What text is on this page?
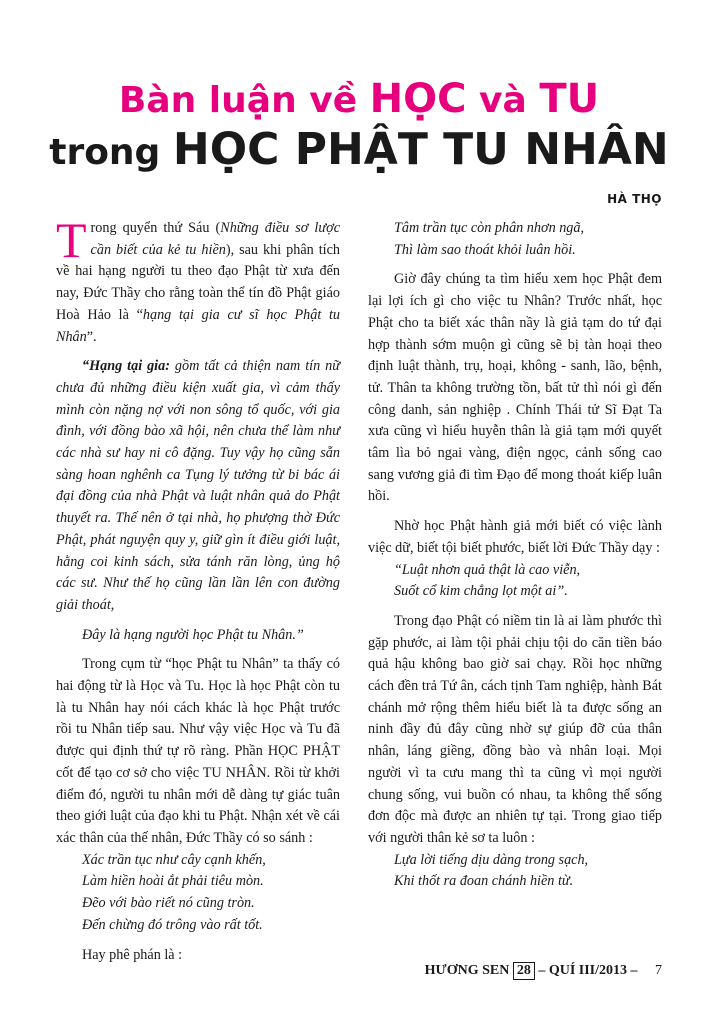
Bàn luận về HỌC và TU
trong HỌC PHẬT TU NHÂN
HÀ THỌ

Trong quyển thứ Sáu (Những điều sơ lược cần biết của kẻ tu hiền), sau khi phân tích về hai hạng người tu theo đạo Phật từ xưa đến nay, Đức Thầy cho rằng toàn thể tín đồ Phật giáo Hoà Hảo là “hạng tại gia cư sĩ học Phật tu Nhân”.

“Hạng tại gia: gồm tất cả thiện nam tín nữ chưa đủ những điều kiện xuất gia, vì cảm thấy mình còn nặng nợ với non sông tổ quốc, với gia đình, với đồng bào xã hội, nên chưa thể làm như các nhà sư hay ni cô đặng. Tuy vậy họ cũng sẵn sàng hoan nghênh ca Tụng lý tưởng từ bi bác ái đại đồng của nhà Phật và luật nhân quả do Phật thuyết ra. Thế nên ở tại nhà, họ phượng thờ Đức Phật, phát nguyện quy y, giữ gìn ít điều giới luật, hằng coi kinh sách, sửa tánh răn lòng, ủng hộ các sư. Như thế họ cũng lần lần lên con đường giải thoát,

Đây là hạng người học Phật tu Nhân.”

Trong cụm từ “học Phật tu Nhân” ta thấy có hai động từ là Học và Tu. Học là học Phật còn tu là tu Nhân hay nói cách khác là học Phật trước rồi tu Nhân tiếp sau. Như vậy việc Học và Tu đã được qui định thứ tự rõ ràng. Phần HỌC PHẬT cốt để tạo cơ sở cho việc TU NHÂN. Rồi từ khởi điểm đó, người tu nhân mới dễ dàng tự giác tuân theo giới luật của đạo khi tu Phật. Nhận xét về cái xác thân của thế nhân, Đức Thầy có so sánh :

Xác trần tục như cây cạnh khến,

Làm hiền hoài ắt phải tiêu mòn.

Đẽo với bào riết nó cũng tròn.

Đến chừng đó trông vào rất tốt.

Hay phê phán là :

Tâm trần tục còn phân nhơn ngã,

Thì làm sao thoát khỏi luân hồi.

Giờ đây chúng ta tìm hiểu xem học Phật đem lại lợi ích gì cho việc tu Nhân? Trước nhất, học Phật cho ta biết xác thân nầy là giả tạm do tứ đại hợp thành sớm muộn gì cũng sẽ bị tàn hoại theo định luật thành, trụ, hoại, không - sanh, lão, bệnh, tử. Thân ta không trường tồn, bất tử thì nói gì đến công danh, sản nghiệp . Chính Thái tử Sĩ Đạt Ta xưa cũng vì hiểu huyễn thân là giả tạm mới quyết tâm lìa bỏ ngai vàng, điện ngọc, cảnh sống cao sang vương giả đi tìm Đạo để mong thoát kiếp luân hồi.

Nhờ học Phật hành giả mới biết có việc lành việc dữ, biết tội biết phước, biết lời Đức Thầy dạy :

“Luật nhơn quả thật là cao viễn,

Suốt cổ kim chẳng lọt một ai”.

Trong đạo Phật có niềm tin là ai làm phước thì gặp phước, ai làm tội phải chịu tội do căn tiền báo quả hậu không bao giờ sai chạy. Rồi học những cách đền trả Tứ ân, cách tịnh Tam nghiệp, hành Bát chánh mở rộng thêm hiểu biết là ta được sống an ninh đầy đủ đây cũng nhờ sự giúp đỡ của thân nhân, láng giềng, đồng bào và nhân loại. Mọi người vì ta cưu mang thì ta cũng vì mọi người chung sống, vui buồn có nhau, ta không thể sống đơn độc mà được an nhiên tự tại. Trong giao tiếp với người thân kẻ sơ ta luôn :

Lựa lời tiếng dịu dàng trong sạch,

Khi thốt ra đoan chánh hiền từ.

HƯƠNG SEN 28 – QUÍ III/2013 – 7
